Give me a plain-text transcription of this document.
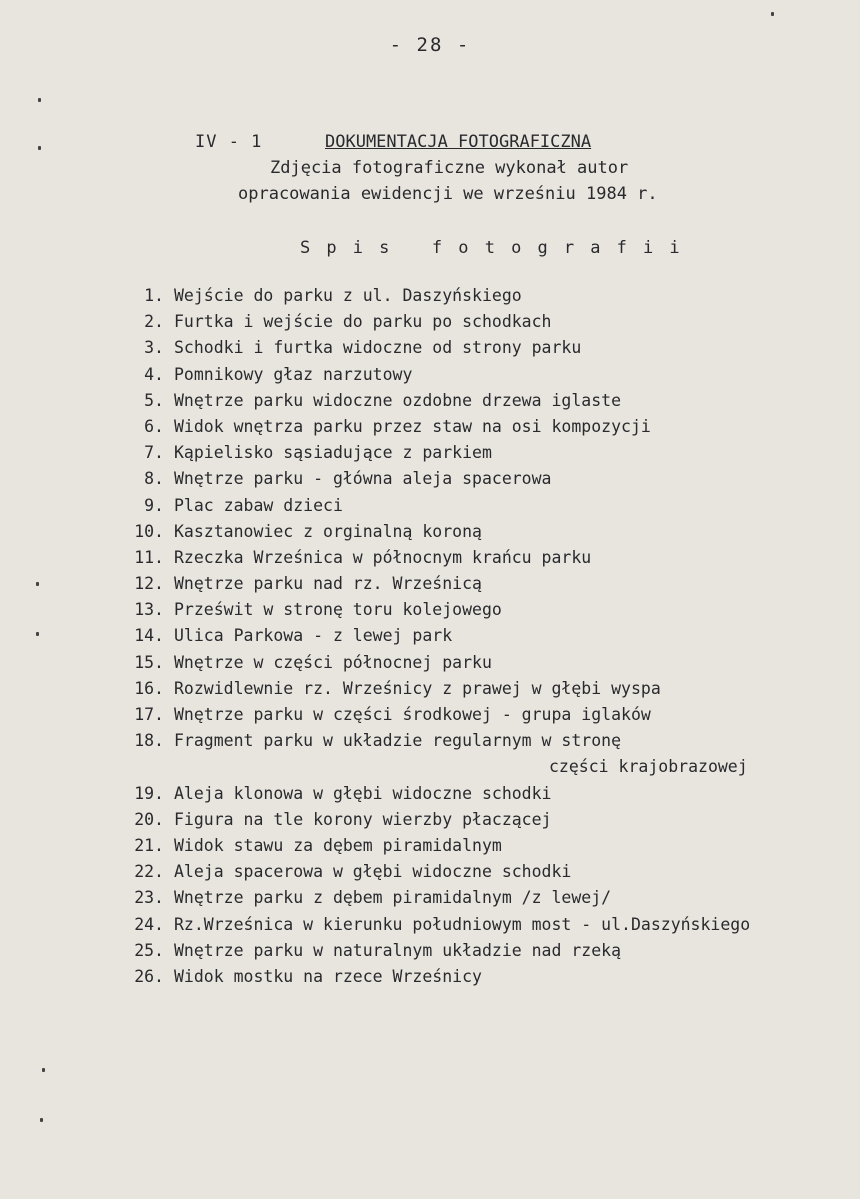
- 28 -
IV - 1	DOKUMENTACJA FOTOGRAFICZNA
Zdjęcia fotograficzne wykonał autor
opracowania ewidencji we wrześniu 1984 r.
Spis fotografii
1. Wejście do parku z ul. Daszyńskiego
2. Furtka i wejście do parku po schodkach
3. Schodki i furtka widoczne od strony parku
4. Pomnikowy głaz narzutowy
5. Wnętrze parku widoczne ozdobne drzewa iglaste
6. Widok wnętrza parku przez staw na osi kompozycji
7. Kąpielisko sąsiadujące z parkiem
8. Wnętrze parku - główna aleja spacerowa
9. Plac zabaw dzieci
10. Kasztanowiec z orginalną koroną
11. Rzeczka Wrześnica w północnym krańcu parku
12. Wnętrze parku nad rz. Wrześnicą
13. Prześwit w stronę toru kolejowego
14. Ulica Parkowa - z lewej park
15. Wnętrze w części północnej parku
16. Rozwidlewnie rz. Wrześnicy z prawej w głębi wyspa
17. Wnętrze parku w części środkowej - grupa iglaków
18. Fragment parku w układzie regularnym w stronę
części krajobrazowej
19. Aleja klonowa w głębi widoczne schodki
20. Figura na tle korony wierzby płaczącej
21. Widok stawu za dębem piramidalnym
22. Aleja spacerowa w głębi widoczne schodki
23. Wnętrze parku z dębem piramidalnym /z lewej/
24. Rz.Wrześnica w kierunku południowym most - ul.Daszyńskiego
25. Wnętrze parku w naturalnym układzie nad rzeką
26. Widok mostku na rzece Wrześnicy
